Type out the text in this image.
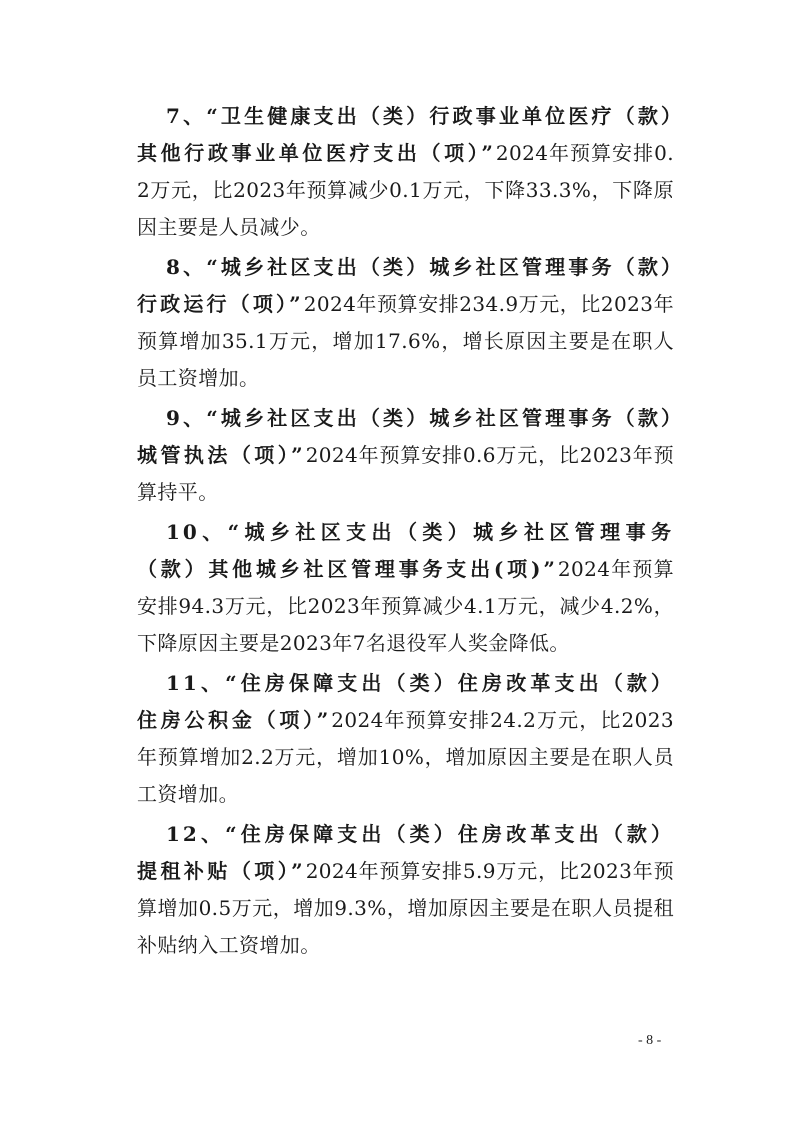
7、“卫生健康支出（类）行政事业单位医疗（款）其他行政事业单位医疗支出（项）”2024年预算安排0.2万元，比2023年预算减少0.1万元，下降33.3%，下降原因主要是人员减少。

8、“城乡社区支出（类）城乡社区管理事务（款）行政运行（项）”2024年预算安排234.9万元，比2023年预算增加35.1万元，增加17.6%，增长原因主要是在职人员工资增加。

9、“城乡社区支出（类）城乡社区管理事务（款）城管执法（项）”2024年预算安排0.6万元，比2023年预算持平。

10、“城乡社区支出（类）城乡社区管理事务（款）其他城乡社区管理事务支出(项)”2024年预算安排94.3万元，比2023年预算减少4.1万元，减少4.2%，下降原因主要是2023年7名退役军人奖金降低。

11、“住房保障支出（类）住房改革支出（款）住房公积金（项）”2024年预算安排24.2万元，比2023年预算增加2.2万元，增加10%，增加原因主要是在职人员工资增加。

12、“住房保障支出（类）住房改革支出（款）提租补贴（项）”2024年预算安排5.9万元，比2023年预算增加0.5万元，增加9.3%，增加原因主要是在职人员提租补贴纳入工资增加。

- 8 -
